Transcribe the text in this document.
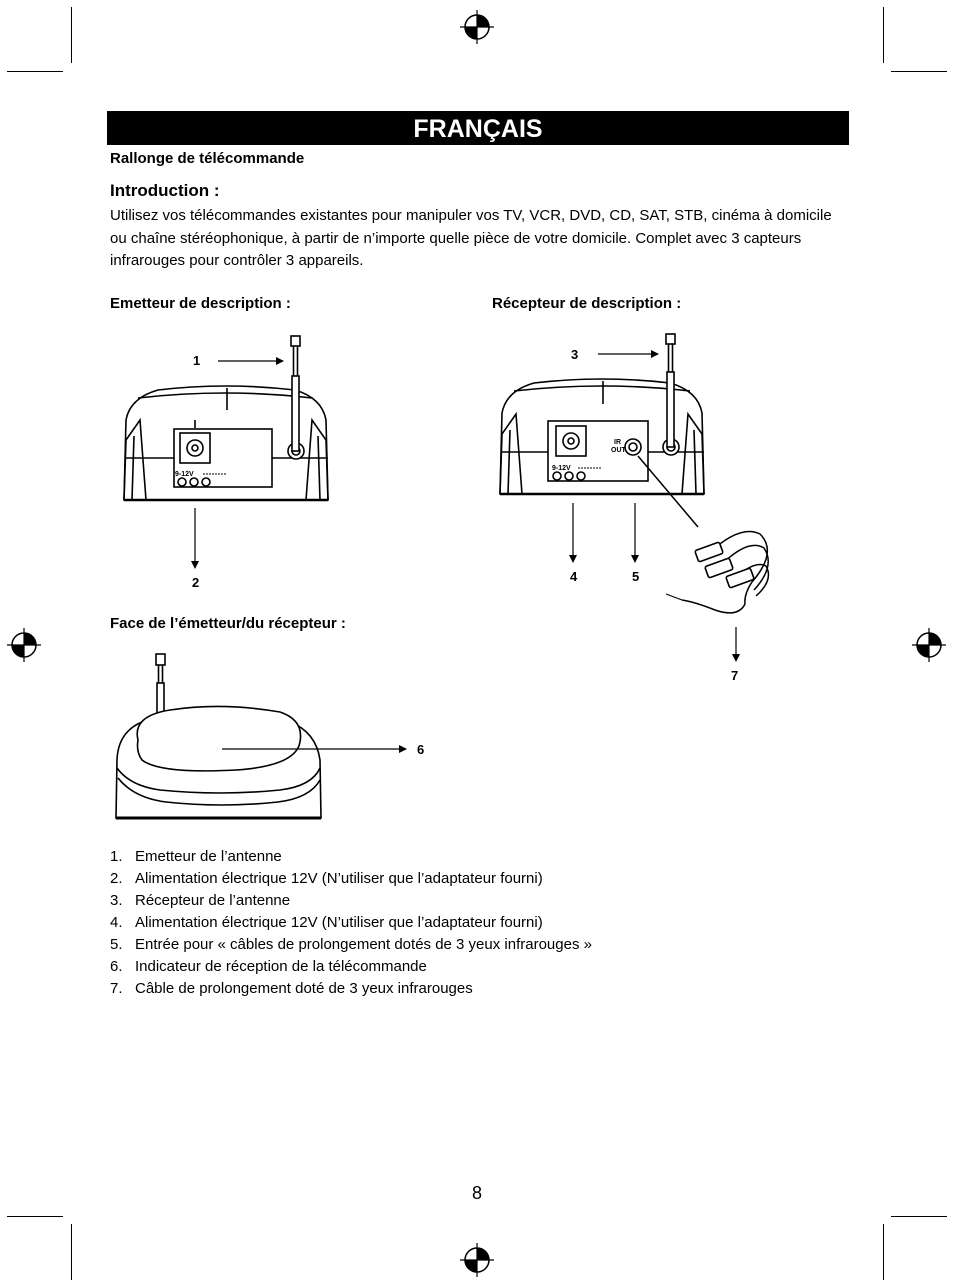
9-12V
9-12V
IR
OUT
FRANÇAIS
Rallonge de télécommande
Introduction :
Utilisez vos télécommandes existantes pour manipuler vos TV, VCR, DVD, CD, SAT, STB, cinéma à domicile ou chaîne stéréophonique, à partir de n’importe quelle pièce de votre domicile. Complet avec 3 capteurs infrarouges pour contrôler 3 appareils.
Emetteur de description :	Récepteur de description :
Face de l’émetteur/du récepteur :
1
2
3
4	5
6
7
1. Emetteur de l’antenne
2. Alimentation électrique 12V (N’utiliser que l’adaptateur fourni)
3. Récepteur de l’antenne
4. Alimentation électrique 12V (N’utiliser que l’adaptateur fourni)
5. Entrée pour « câbles de prolongement dotés de 3 yeux infrarouges »
6. Indicateur de réception de la télécommande
7. Câble de prolongement doté de 3 yeux infrarouges
8
